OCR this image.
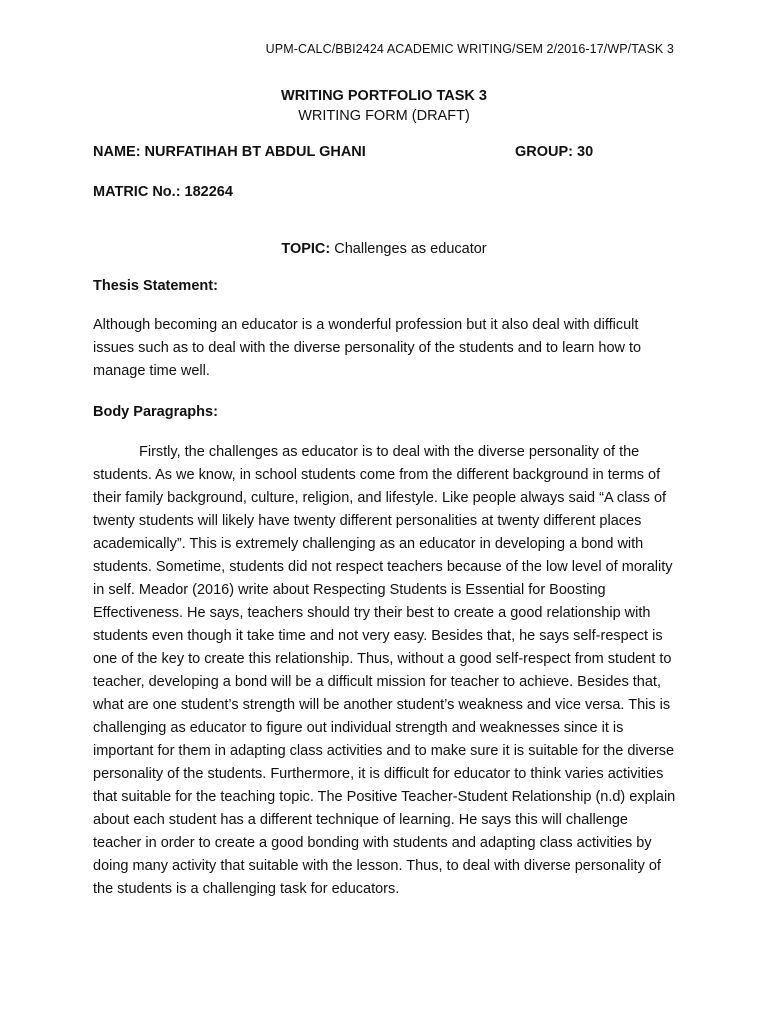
UPM-CALC/BBI2424 ACADEMIC WRITING/SEM 2/2016-17/WP/TASK 3

WRITING PORTFOLIO TASK 3

WRITING FORM (DRAFT)

NAME: NURFATIHAH BT ABDUL GHANI	GROUP: 30
MATRIC No.: 182264
TOPIC: Challenges as educator
Thesis Statement:

Although becoming an educator is a wonderful profession but it also deal with difficult issues such as to deal with the diverse personality of the students and to learn how to manage time well.

Body Paragraphs:

Firstly, the challenges as educator is to deal with the diverse personality of the students. As we know, in school students come from the different background in terms of their family background, culture, religion, and lifestyle. Like people always said “A class of twenty students will likely have twenty different personalities at twenty different places academically”. This is extremely challenging as an educator in developing a bond with students. Sometime, students did not respect teachers because of the low level of morality in self. Meador (2016) write about Respecting Students is Essential for Boosting Effectiveness. He says, teachers should try their best to create a good relationship with students even though it take time and not very easy. Besides that, he says self-respect is one of the key to create this relationship. Thus, without a good self-respect from student to teacher, developing a bond will be a difficult mission for teacher to achieve. Besides that, what are one student’s strength will be another student’s weakness and vice versa. This is challenging as educator to figure out individual strength and weaknesses since it is important for them in adapting class activities and to make sure it is suitable for the diverse personality of the students. Furthermore, it is difficult for educator to think varies activities that suitable for the teaching topic. The Positive Teacher-Student Relationship (n.d) explain about each student has a different technique of learning. He says this will challenge teacher in order to create a good bonding with students and adapting class activities by doing many activity that suitable with the lesson. Thus, to deal with diverse personality of the students is a challenging task for educators.
